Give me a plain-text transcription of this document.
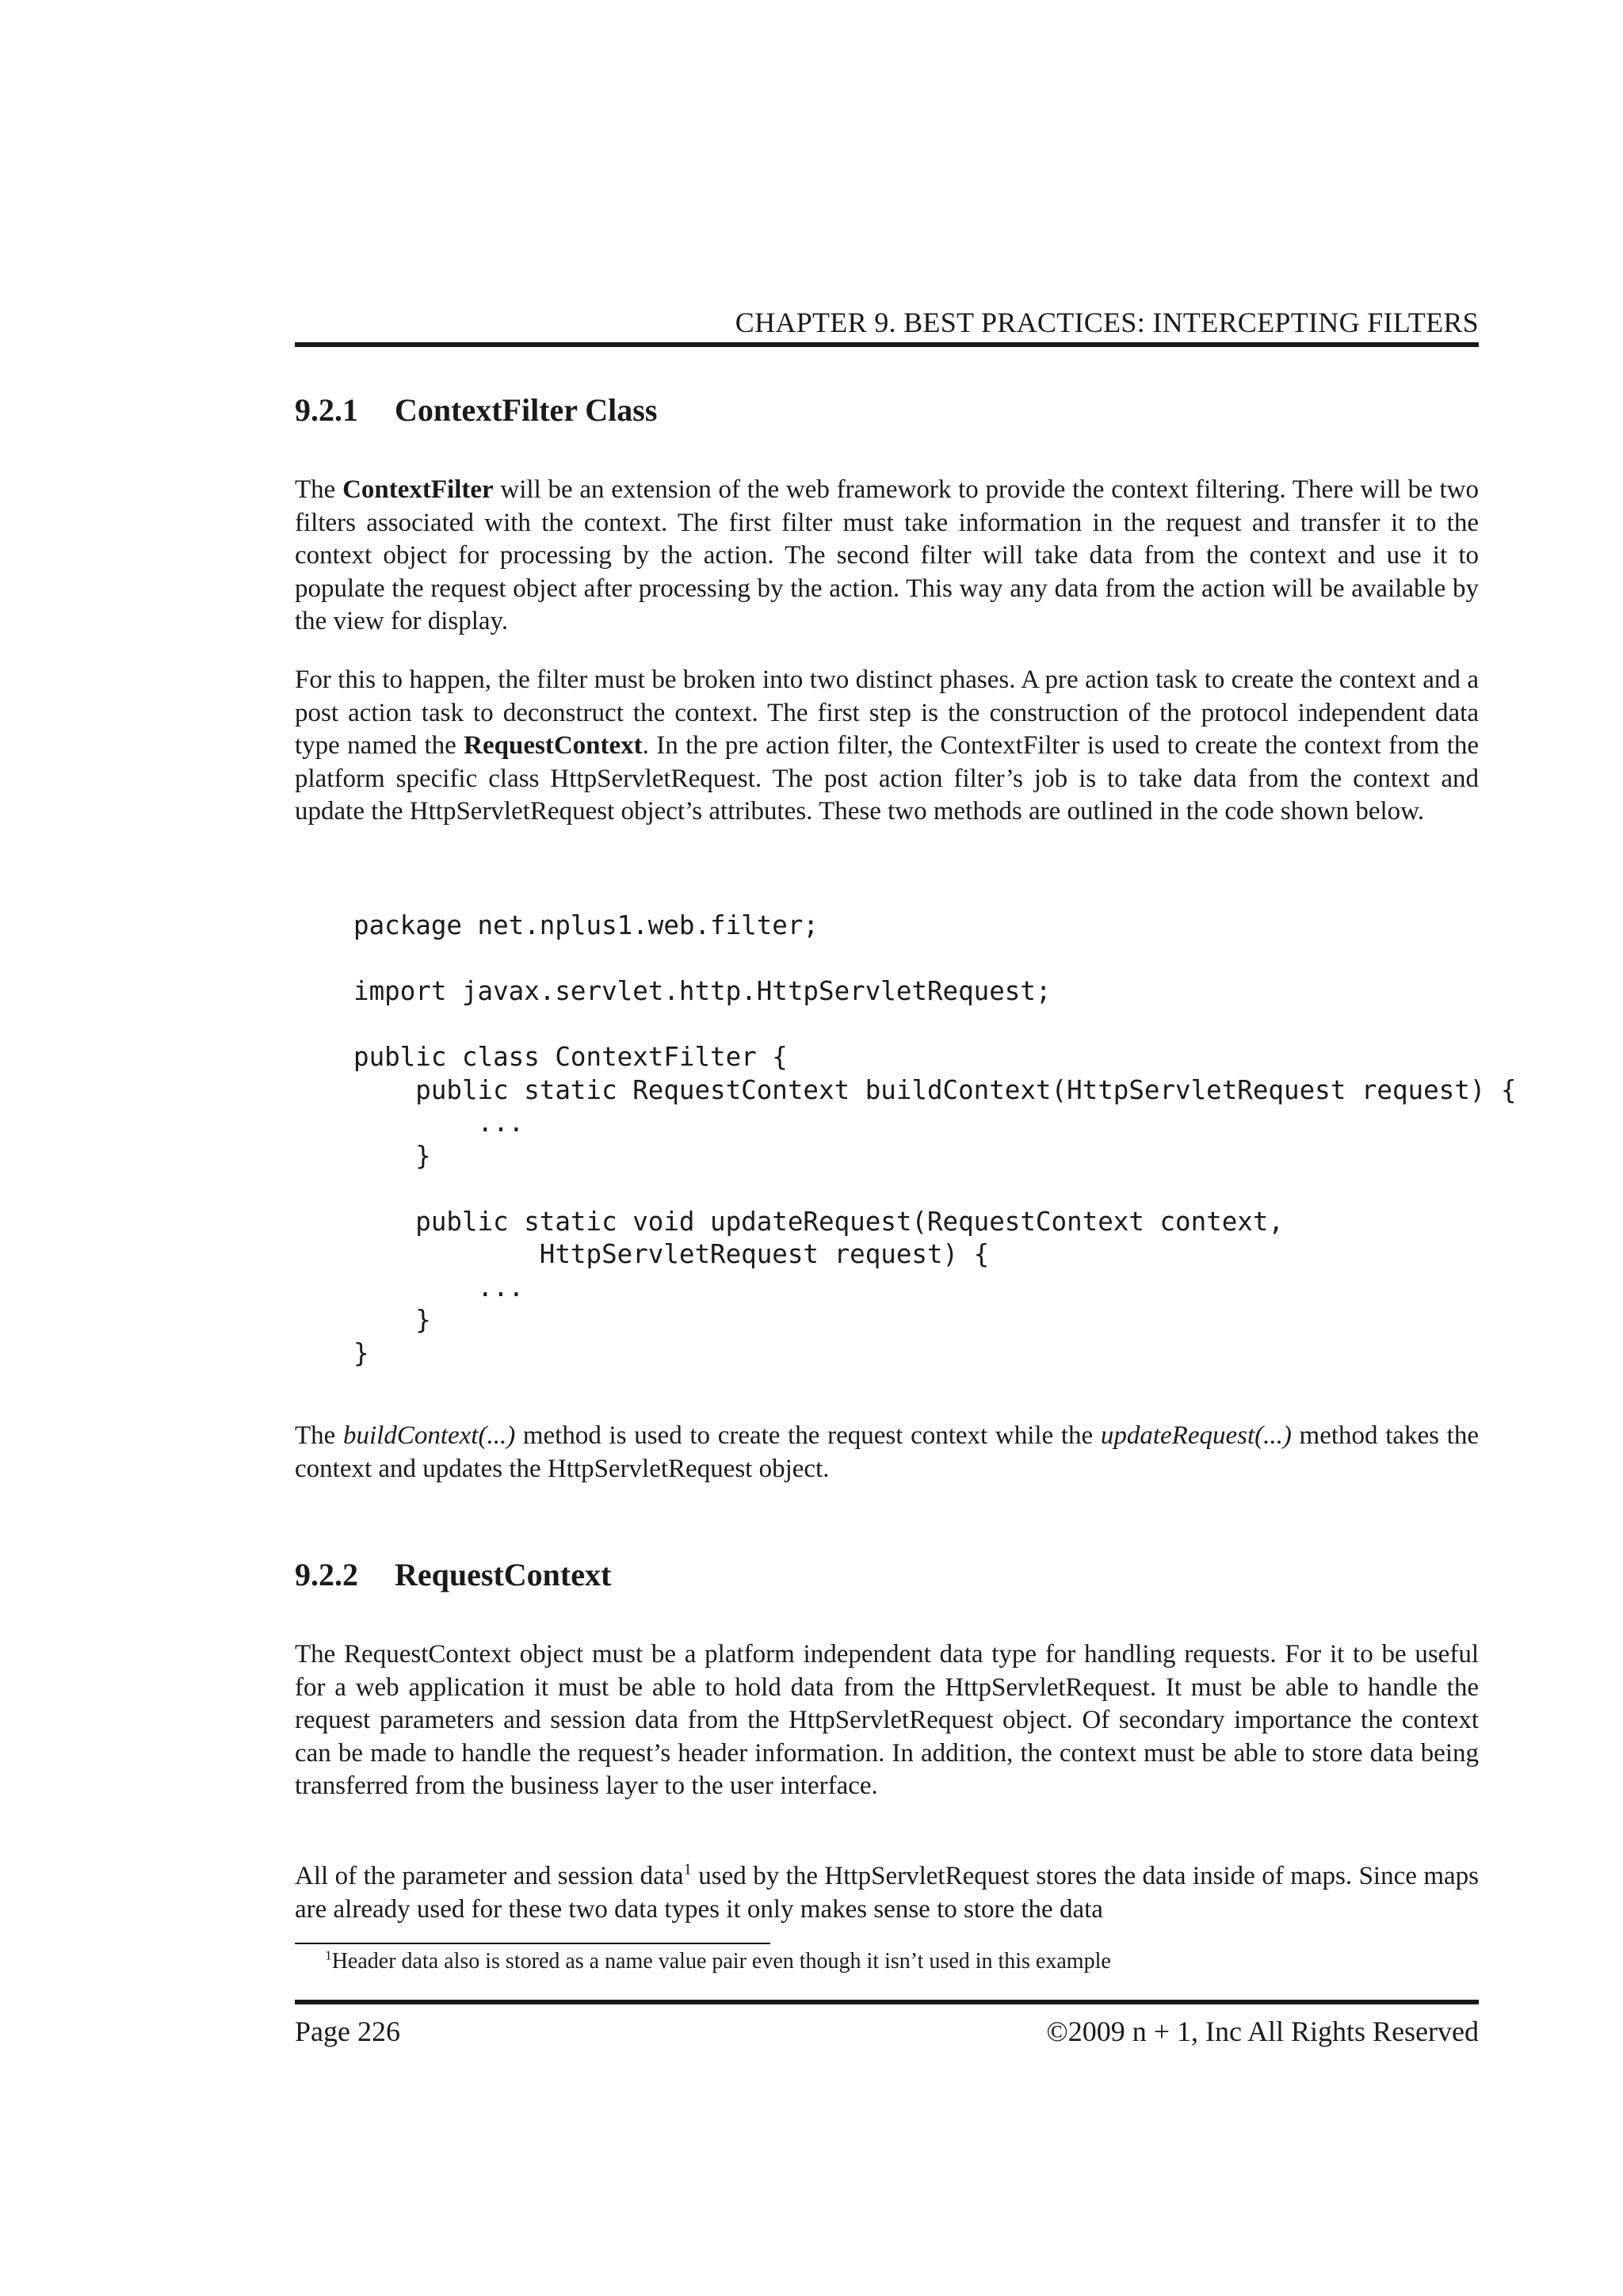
CHAPTER 9. BEST PRACTICES: INTERCEPTING FILTERS
9.2.1 ContextFilter Class

The ContextFilter will be an extension of the web framework to provide the context filtering. There will be two filters associated with the context. The first filter must take information in the request and transfer it to the context object for processing by the action. The second filter will take data from the context and use it to populate the request object after processing by the action. This way any data from the action will be available by the view for display.

For this to happen, the filter must be broken into two distinct phases. A pre action task to create the context and a post action task to deconstruct the context. The first step is the construction of the protocol independent data type named the RequestContext. In the pre action filter, the ContextFilter is used to create the context from the platform specific class HttpServletRequest. The post action filter’s job is to take data from the context and update the HttpServletRequest object’s attributes. These two methods are outlined in the code shown below.

package net.nplus1.web.filter;

import javax.servlet.http.HttpServletRequest;

public class ContextFilter {
public static RequestContext buildContext(HttpServletRequest request) {
...
}

public static void updateRequest(RequestContext context,
HttpServletRequest request) {
...
}
}

The buildContext(...) method is used to create the request context while the updateRequest(...) method takes the context and updates the HttpServletRequest object.

9.2.2 RequestContext

The RequestContext object must be a platform independent data type for handling requests. For it to be useful for a web application it must be able to hold data from the HttpServletRequest. It must be able to handle the request parameters and session data from the HttpServletRequest object. Of secondary importance the context can be made to handle the request’s header information. In addition, the context must be able to store data being transferred from the business layer to the user interface.

All of the parameter and session data$^1$ used by the HttpServletRequest stores the data inside of maps. Since maps are already used for these two data types it only makes sense to store the data

$^1$Header data also is stored as a name value pair even though it isn’t used in this example
Page 226	©2009 n + 1, Inc All Rights Reserved
